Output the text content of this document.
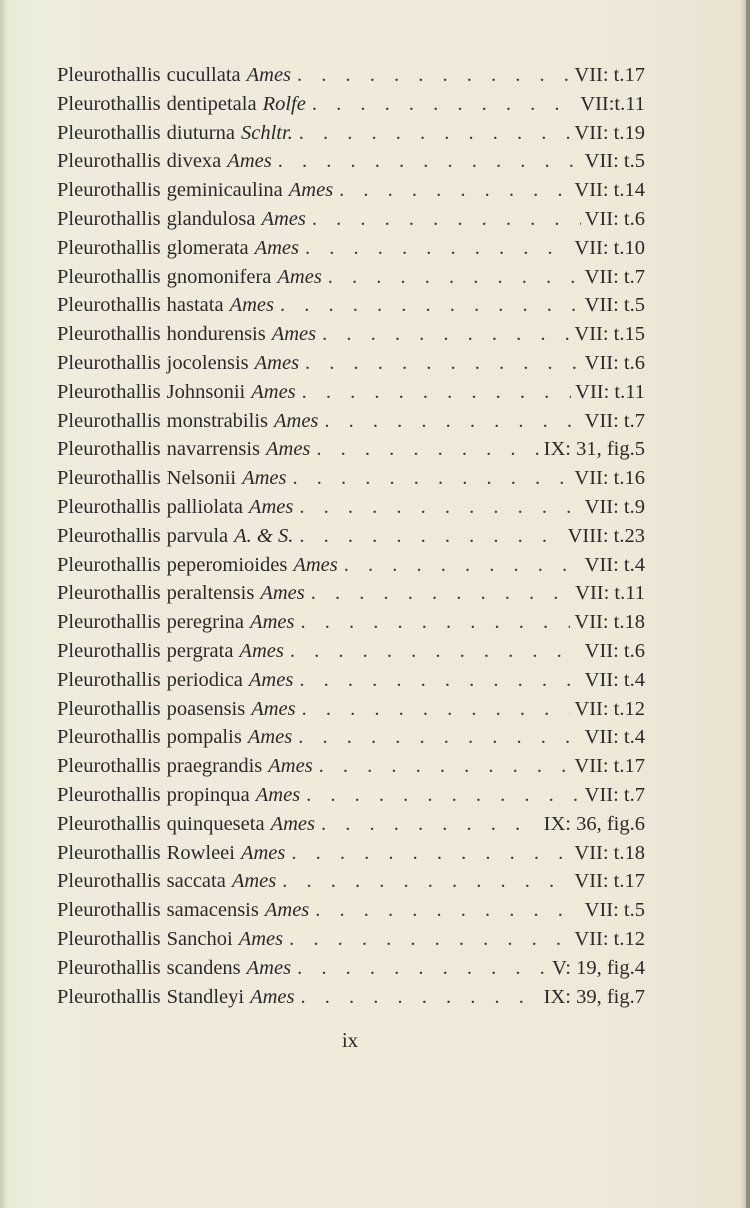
Pleurothallis cucullata Ames . . .	VII: t.17
Pleurothallis dentipetala Rolfe . . .	VII:t.11
Pleurothallis diuturna Schltr. . . .	VII: t.19
Pleurothallis divexa Ames . . .	VII: t.5
Pleurothallis geminicaulina Ames . . .	VII: t.14
Pleurothallis glandulosa Ames . . .	VII: t.6
Pleurothallis glomerata Ames . . .	VII: t.10
Pleurothallis gnomonifera Ames . . .	VII: t.7
Pleurothallis hastata Ames . . .	VII: t.5
Pleurothallis hondurensis Ames . . .	VII: t.15
Pleurothallis jocolensis Ames . . .	VII: t.6
Pleurothallis Johnsonii Ames . . .	VII: t.11
Pleurothallis monstrabilis Ames . . .	VII: t.7
Pleurothallis navarrensis Ames . . .	IX: 31, fig.5
Pleurothallis Nelsonii Ames . . .	VII: t.16
Pleurothallis palliolata Ames . . .	VII: t.9
Pleurothallis parvula A. & S. . . .	VIII: t.23
Pleurothallis peperomioides Ames . . .	VII: t.4
Pleurothallis peraltensis Ames . . .	VII: t.11
Pleurothallis peregrina Ames . . .	VII: t.18
Pleurothallis pergrata Ames . . .	VII: t.6
Pleurothallis periodica Ames . . .	VII: t.4
Pleurothallis poasensis Ames . . .	VII: t.12
Pleurothallis pompalis Ames . . .	VII: t.4
Pleurothallis praegrandis Ames . . .	VII: t.17
Pleurothallis propinqua Ames . . .	VII: t.7
Pleurothallis quinqueseta Ames . . .	IX: 36, fig.6
Pleurothallis Rowleei Ames . . .	VII: t.18
Pleurothallis saccata Ames . . .	VII: t.17
Pleurothallis samacensis Ames . . .	VII: t.5
Pleurothallis Sanchoi Ames . . .	VII: t.12
Pleurothallis scandens Ames . . .	V: 19, fig.4
Pleurothallis Standleyi Ames . . .	IX: 39, fig.7
ix
